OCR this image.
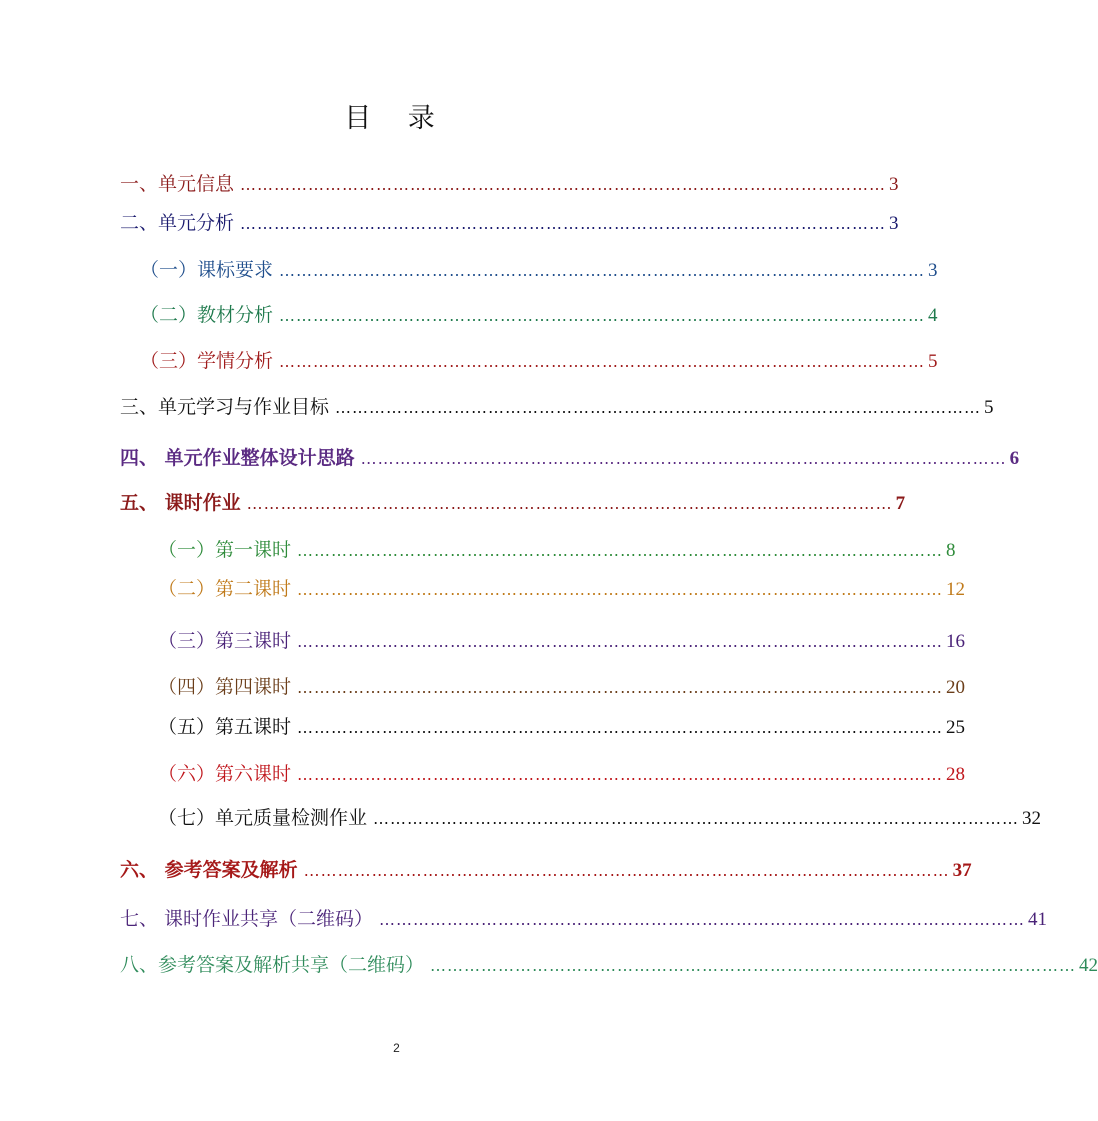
目 录
一、单元信息 …………………………………………………………………………………………………… 3
二、单元分析 …………………………………………………………………………………………………… 3
（一）课标要求 …………………………………………………………………………………………………… 3
（二）教材分析 …………………………………………………………………………………………………… 4
（三）学情分析 …………………………………………………………………………………………………… 5
三、单元学习与作业目标 …………………………………………………………………………………………………… 5
四、 单元作业整体设计思路 …………………………………………………………………………………………………… 6
五、 课时作业 …………………………………………………………………………………………………… 7
（一）第一课时 …………………………………………………………………………………………………… 8
（二）第二课时 …………………………………………………………………………………………………… 12
（三）第三课时 …………………………………………………………………………………………………… 16
（四）第四课时 …………………………………………………………………………………………………… 20
（五）第五课时 …………………………………………………………………………………………………… 25
（六）第六课时 …………………………………………………………………………………………………… 28
（七）单元质量检测作业 …………………………………………………………………………………………………… 32
六、 参考答案及解析 …………………………………………………………………………………………………… 37
七、 课时作业共享（二维码） …………………………………………………………………………………………………… 41
八、参考答案及解析共享（二维码） …………………………………………………………………………………………………… 42
2
